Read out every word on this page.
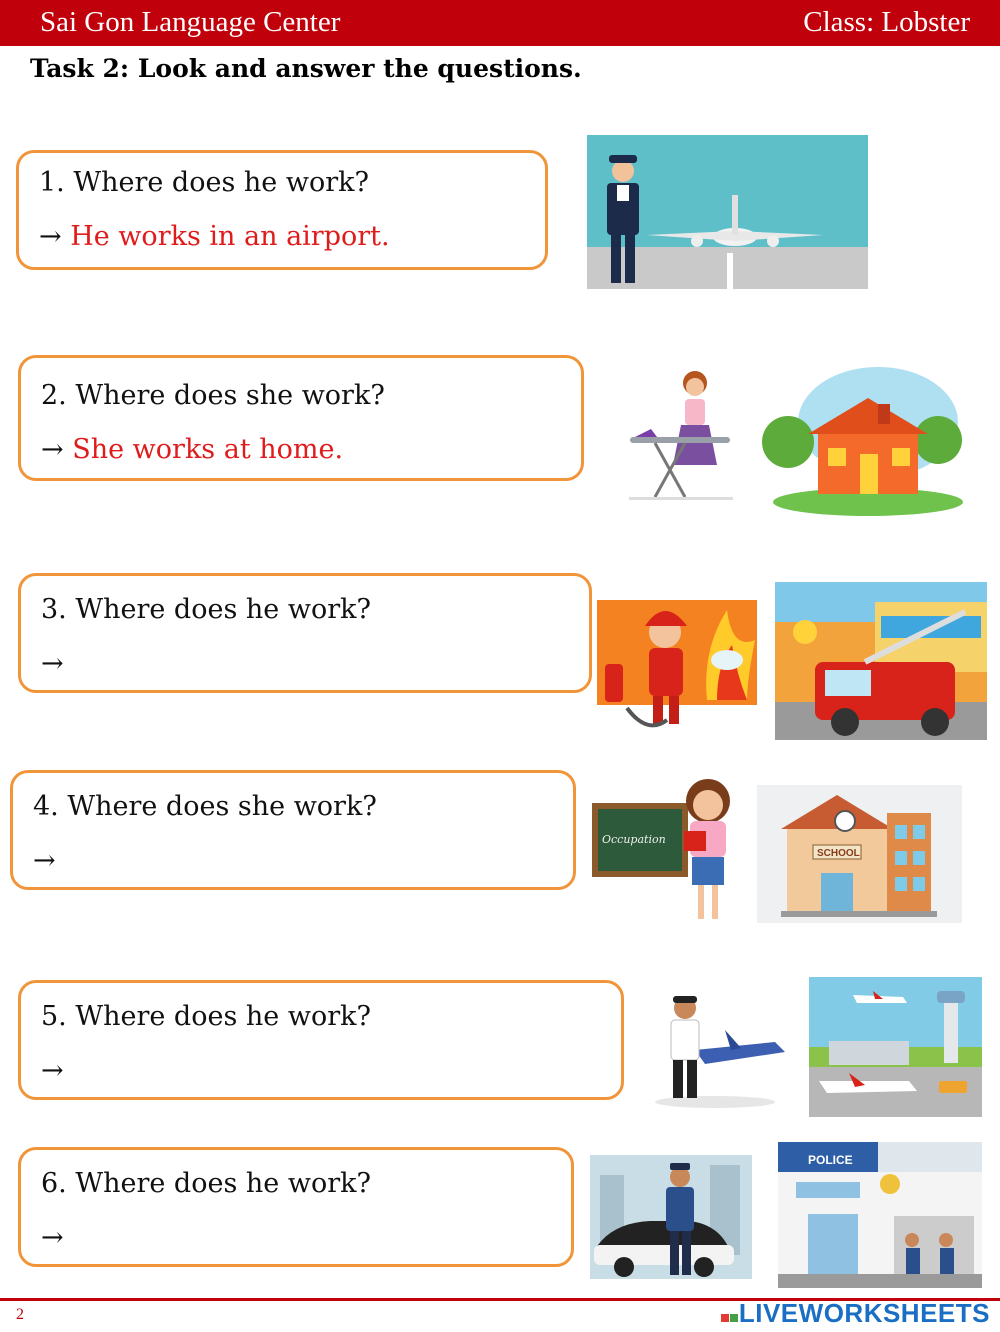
Sai Gon Language Center	Class: Lobster
Task 2: Look and answer the questions.
1. Where does he work?
→ He works in an airport.
2. Where does she work?
→ She works at home.
3. Where does he work?
→
4. Where does she work?
→
5. Where does he work?
→
6. Where does he work?
→
Occupation
SCHOOL
POLICE
2	LIVEWORKSHEETS
